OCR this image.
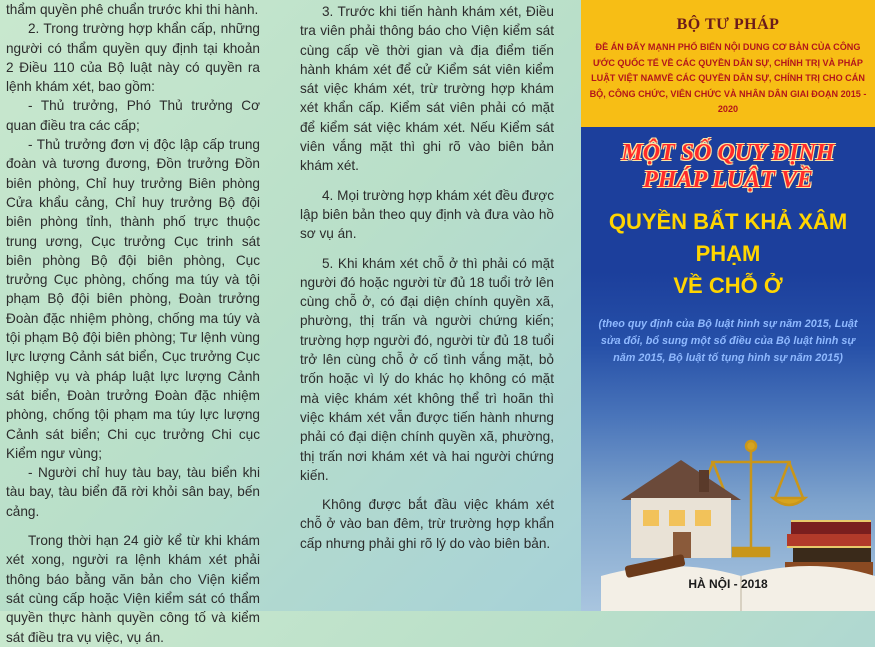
thẩm quyền phê chuẩn trước khi thi hành.

2. Trong trường hợp khẩn cấp, những người có thẩm quyền quy định tại khoản 2 Điều 110 của Bộ luật này có quyền ra lệnh khám xét, bao gồm:

- Thủ trưởng, Phó Thủ trưởng Cơ quan điều tra các cấp;

- Thủ trưởng đơn vị độc lập cấp trung đoàn và tương đương, Đồn trưởng Đồn biên phòng, Chỉ huy trưởng Biên phòng Cửa khẩu cảng, Chỉ huy trưởng Bộ đội biên phòng tỉnh, thành phố trực thuộc trung ương, Cục trưởng Cục trinh sát biên phòng Bộ đội biên phòng, Cục trưởng Cục phòng, chống ma túy và tội phạm Bộ đội biên phòng, Đoàn trưởng Đoàn đặc nhiệm phòng, chống ma túy và tội phạm Bộ đội biên phòng; Tư lệnh vùng lực lượng Cảnh sát biển, Cục trưởng Cục Nghiệp vụ và pháp luật lực lượng Cảnh sát biển, Đoàn trưởng Đoàn đặc nhiệm phòng, chống tội phạm ma túy lực lượng Cảnh sát biển; Chi cục trưởng Chi cục Kiểm ngư vùng;

- Người chỉ huy tàu bay, tàu biển khi tàu bay, tàu biển đã rời khỏi sân bay, bến cảng.

Trong thời hạn 24 giờ kể từ khi khám xét xong, người ra lệnh khám xét phải thông báo bằng văn bản cho Viện kiểm sát cùng cấp hoặc Viện kiểm sát có thẩm quyền thực hành quyền công tố và kiểm sát điều tra vụ việc, vụ án.

3. Trước khi tiến hành khám xét, Điều tra viên phải thông báo cho Viện kiểm sát cùng cấp về thời gian và địa điểm tiến hành khám xét để cử Kiểm sát viên kiểm sát việc khám xét, trừ trường hợp khám xét khẩn cấp. Kiểm sát viên phải có mặt để kiểm sát việc khám xét. Nếu Kiểm sát viên vắng mặt thì ghi rõ vào biên bản khám xét.

4. Mọi trường hợp khám xét đều được lập biên bản theo quy định và đưa vào hồ sơ vụ án.

5. Khi khám xét chỗ ở thì phải có mặt người đó hoặc người từ đủ 18 tuổi trở lên cùng chỗ ở, có đại diện chính quyền xã, phường, thị trấn và người chứng kiến; trường hợp người đó, người từ đủ 18 tuổi trở lên cùng chỗ ở cố tình vắng mặt, bỏ trốn hoặc vì lý do khác họ không có mặt mà việc khám xét không thể trì hoãn thì việc khám xét vẫn được tiến hành nhưng phải có đại diện chính quyền xã, phường, thị trấn nơi khám xét và hai người chứng kiến.

Không được bắt đầu việc khám xét chỗ ở vào ban đêm, trừ trường hợp khẩn cấp nhưng phải ghi rõ lý do vào biên bản.

BỘ TƯ PHÁP
ĐỀ ÁN ĐẨY MẠNH PHỔ BIẾN NỘI DUNG CƠ BẢN CỦA CÔNG ƯỚC QUỐC TẾ VỀ CÁC QUYỀN DÂN SỰ, CHÍNH TRỊ VÀ PHÁP LUẬT VIỆT NAMVỀ CÁC QUYỀN DÂN SỰ, CHÍNH TRỊ CHO CÁN BỘ, CÔNG CHỨC, VIÊN CHỨC VÀ NHÂN DÂN GIAI ĐOẠN 2015 - 2020
MỘT SỐ QUY ĐỊNH
PHÁP LUẬT VỀ
QUYỀN BẤT KHẢ XÂM PHẠM
VỀ CHỖ Ở
(theo quy định của Bộ luật hình sự năm 2015, Luật sửa đổi, bổ sung một số điều của Bộ luật hình sự năm 2015, Bộ luật tố tụng hình sự năm 2015)
HÀ NỘI - 2018
